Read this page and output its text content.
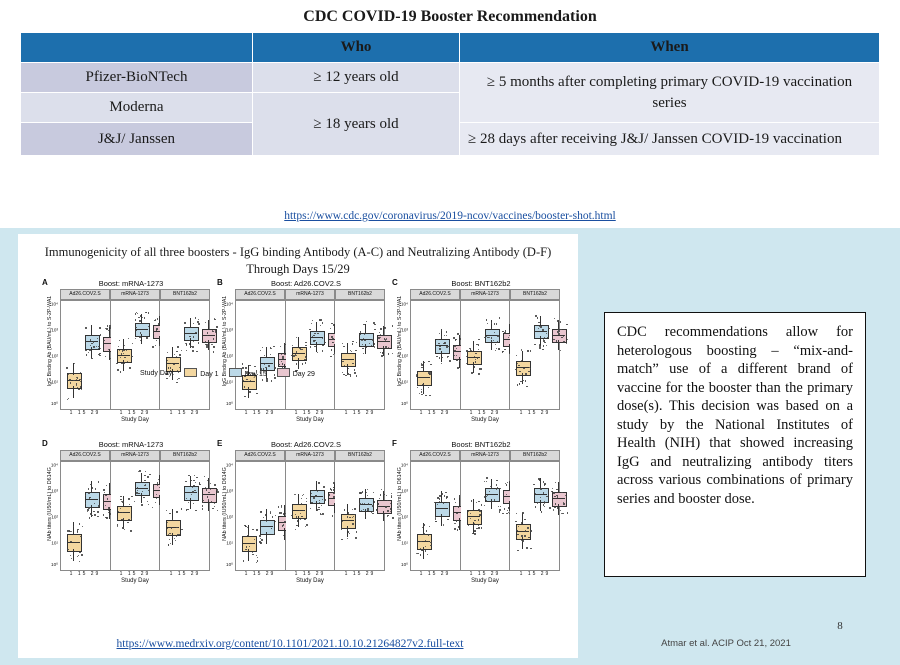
CDC COVID-19 Booster Recommendation
	Who	When
Pfizer-BioNTech	≥ 12 years old	≥ 5 months after completing primary COVID-19 vaccination series
Moderna	≥ 18 years old	
J&J/ Janssen		≥ 28 days after receiving J&J/ Janssen COVID-19 vaccination
https://www.cdc.gov/coronavirus/2019-ncov/vaccines/booster-shot.html
Immunogenicity of all three boosters - IgG binding Antibody (A-C) and Neutralizing Antibody (D-F)
Through Days 15/29
A	Boost: mRNA-1273
Ad26.COV2.S	mRNA-1273	BNT162b2
10⁴
10³
10²
10¹
10⁰
1 15 29	1 15 29	1 15 29
Study Day
IgG Binding Ab (BAU/mL) to S-2P-WA1
B	Boost: Ad26.COV2.S
Ad26.COV2.S	mRNA-1273	BNT162b2
10⁴
10³
10²
10¹
10⁰
1 15 29	1 15 29	1 15 29
Study Day
IgG Binding Ab (BAU/mL) to S-2P-WA1
C	Boost: BNT162b2
Ad26.COV2.S	mRNA-1273	BNT162b2
10⁴
10³
10²
10¹
10⁰
1 15 29	1 15 29	1 15 29
Study Day
IgG Binding Ab (BAU/mL) to S-2P-WA1
D	Boost: mRNA-1273
Ad26.COV2.S	mRNA-1273	BNT162b2
10⁴
10³
10²
10¹
10⁰
1 15 29	1 15 29	1 15 29
Study Day
NAb titers (IU50/mL) to D614G
E	Boost: Ad26.COV2.S
Ad26.COV2.S	mRNA-1273	BNT162b2
10⁴
10³
10²
10¹
10⁰
1 15 29	1 15 29	1 15 29
Study Day
NAb titers (IU50/mL) to D614G
F	Boost: BNT162b2
Ad26.COV2.S	mRNA-1273	BNT162b2
10⁴
10³
10²
10¹
10⁰
1 15 29	1 15 29	1 15 29
Study Day
NAb titers (IU50/mL) to D614G
Study Day:	Day 1	Day 15	Day 29
CDC recommendations allow for heterologous boosting – “mix-and-match” use of a different brand of vaccine for the booster than the primary dose(s). This decision was based on a study by the National Institutes of Health (NIH) that showed increasing IgG and neutralizing antibody titers across various combinations of primary series and booster dose.
https://www.medrxiv.org/content/10.1101/2021.10.10.21264827v2.full-text
8
Atmar et al. ACIP Oct 21, 2021
